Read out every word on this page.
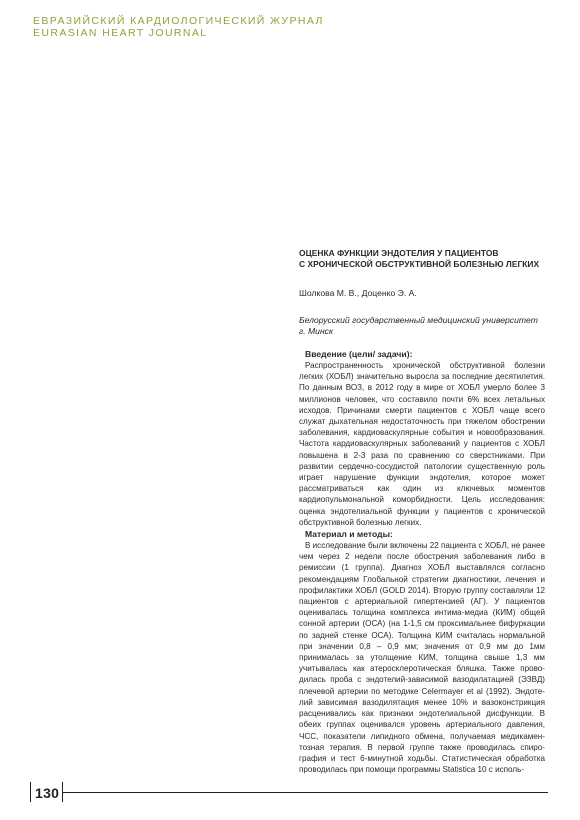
ЕВРАЗИЙСКИЙ КАРДИОЛОГИЧЕСКИЙ ЖУРНАЛ
EURASIAN HEART JOURNAL
ОЦЕНКА ФУНКЦИИ ЭНДОТЕЛИЯ У ПАЦИЕНТОВ
С ХРОНИЧЕСКОЙ ОБСТРУКТИВНОЙ БОЛЕЗНЬЮ ЛЕГКИХ
Шолкова М. В., Доценко Э. А.
Белорусский государственный медицинский университет
г. Минск
Введение (цели/ задачи):

Распространенность хронической обструктивной болезни легких (ХОБЛ) значительно выросла за последние десятилетия. По данным ВОЗ, в 2012 году в мире от ХОБЛ умерло более 3 миллионов человек, что составило почти 6% всех летальных исходов. Причинами смерти пациентов с ХОБЛ чаще всего служат дыхательная недостаточность при тяжелом обострении заболевания, кардиоваскулярные события и новообразования. Частота кардиоваскулярных заболеваний у пациентов с ХОБЛ повышена в 2-3 раза по сравнению со сверстниками. При развитии сердечно-сосудистой патологии существенную роль играет нарушение функции эндотелия, которое может рассматриваться как один из ключевых моментов кардиопульмональной коморбидности. Цель исследования: оценка эндотелиальной функции у пациентов с хронической обструктивной болезнью легких.

Материал и методы:

В исследование были включены 22 пациента с ХОБЛ, не ранее чем через 2 недели после обострения заболевания либо в ремиссии (1 группа). Диагноз ХОБЛ выставлялся согласно рекомендациям Глобальной стратегии диагностики, лечения и профилактики ХОБЛ (GOLD 2014). Вторую группу составляли 12 пациентов с артериальной гипертензией (АГ). У пациентов оценивалась толщина комплекса интима-медиа (КИМ) общей сонной артерии (ОСА) (на 1-1,5 см проксимальнее бифуркации по задней стенке ОСА). Толщина КИМ считалась нормальной при значении 0,8 – 0,9 мм; значения от 0,9 мм до 1мм принималась за утолщение КИМ, толщина свыше 1,3 мм учитывалась как атеросклеротическая бляшка. Также проводилась проба с эндотелий-зависимой вазодилатацией (ЭЗВД) плечевой артерии по методике Celermayer et al (1992). Эндотелий зависимая вазодилятация менее 10% и вазоконстрикция расценивались как признаки эндотелиальной дисфункции. В обеих группах оценивался уровень артериального давления, ЧСС, показатели липидного обмена, получаемая медикаментозная терапия. В первой группе также проводилась спирография и тест 6-минутной ходьбы. Статистическая обработка проводилась при помощи программы Statistica 10 с исполь-

130
